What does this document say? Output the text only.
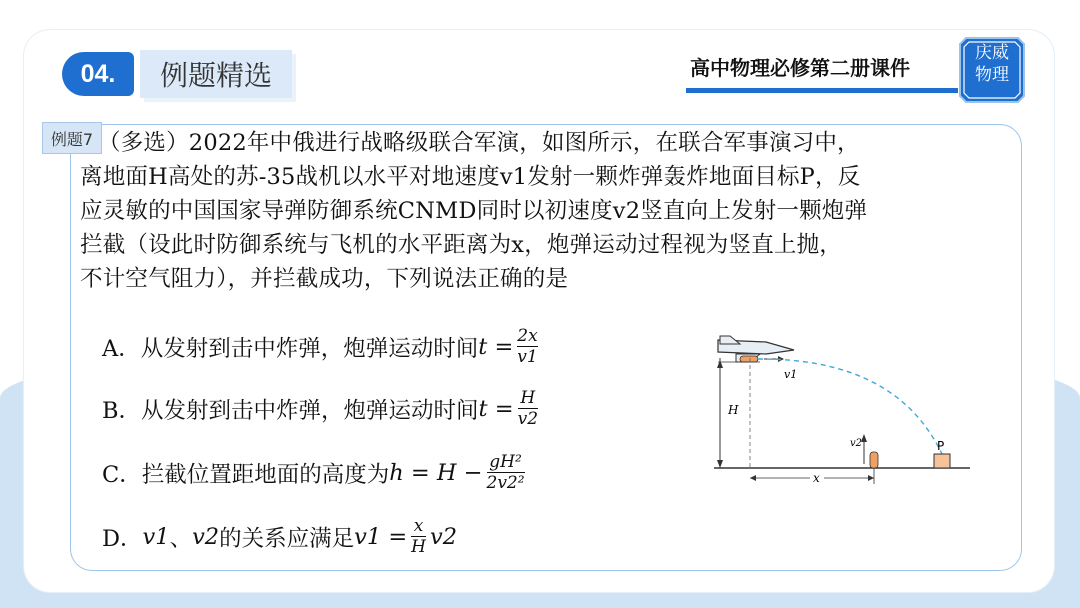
04.	例题精选	高中物理必修第二册课件
庆威
物理
例题7 （多选）2022年中俄进行战略级联合军演，如图所示，在联合军事演习中，
离地面H高处的苏-35战机以水平对地速度v1发射一颗炸弹轰炸地面目标P，反
应灵敏的中国国家导弹防御系统CNMD同时以初速度v2竖直向上发射一颗炮弹
拦截（设此时防御系统与飞机的水平距离为x，炮弹运动过程视为竖直上抛，
不计空气阻力），并拦截成功，下列说法正确的是
A．从发射到击中炸弹，炮弹运动时间 $t = \frac{2x}{v1}$
B．从发射到击中炸弹，炮弹运动时间 $t = \frac{H}{v2}$
C．拦截位置距地面的高度为 $h = H - \frac{\text{gH²}}{\text{2v2²}}$
D． v1 、 v2 的关系应满足 $v1 = \frac{x}{H} v2$
v1
H
v2	P
x
